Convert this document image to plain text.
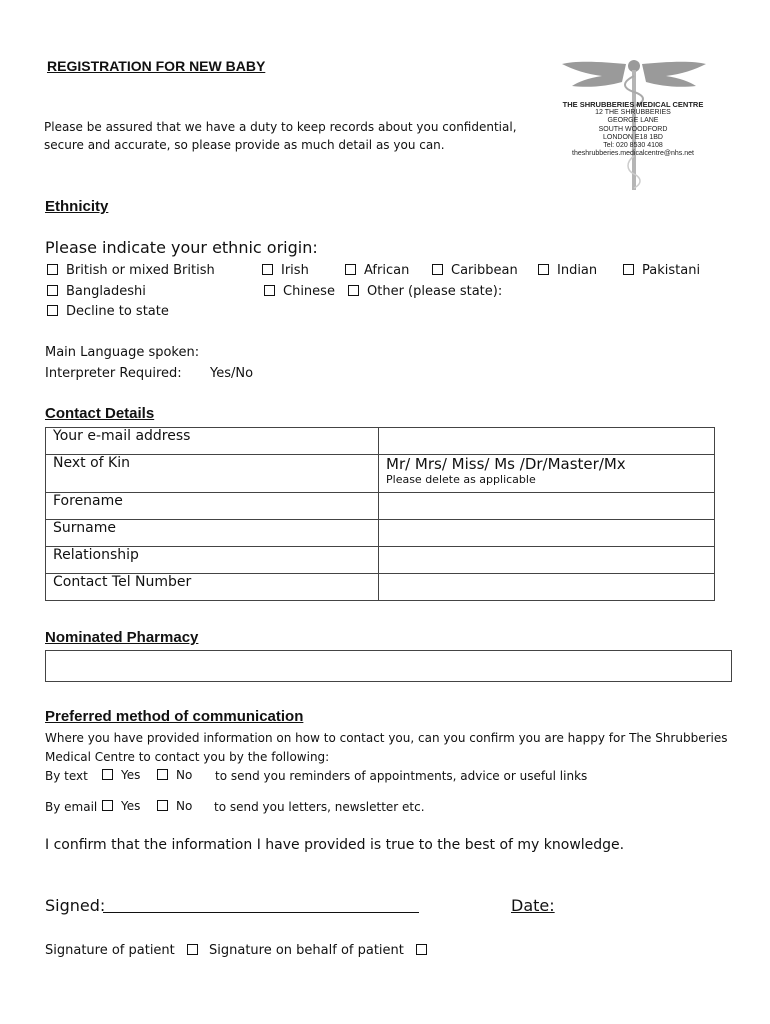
REGISTRATION FOR NEW BABY
Please be assured that we have a duty to keep records about you confidential,
secure and accurate, so please provide as much detail as you can.
THE SHRUBBERIES MEDICAL CENTRE
12 THE SHRUBBERIES
GEORGE LANE
SOUTH WOODFORD
LONDON E18 1BD
Tel: 020 8530 4108
theshrubberies.medicalcentre@nhs.net
Ethnicity
Please indicate your ethnic origin:
British or mixed British	Irish	African	Caribbean	Indian	Pakistani
Bangladeshi	Chinese	Other (please state):
Decline to state
Main Language spoken:
Interpreter Required: Yes/No
Contact Details
Your e-mail address	
Next of Kin	Mr/ Mrs/ Miss/ Ms /Dr/Master/Mx
Please delete as applicable

Forename	
Surname	
Relationship	
Contact Tel Number	
Nominated Pharmacy
Preferred method of communication
Where you have provided information on how to contact you, can you confirm you are happy for The Shrubberies
Medical Centre to contact you by the following:
By text	Yes	No to send you reminders of appointments, advice or useful links
By email	Yes	No to send you letters, newsletter etc.
I confirm that the information I have provided is true to the best of my knowledge.
Signed:	Date:
Signature of patient	Signature on behalf of patient
